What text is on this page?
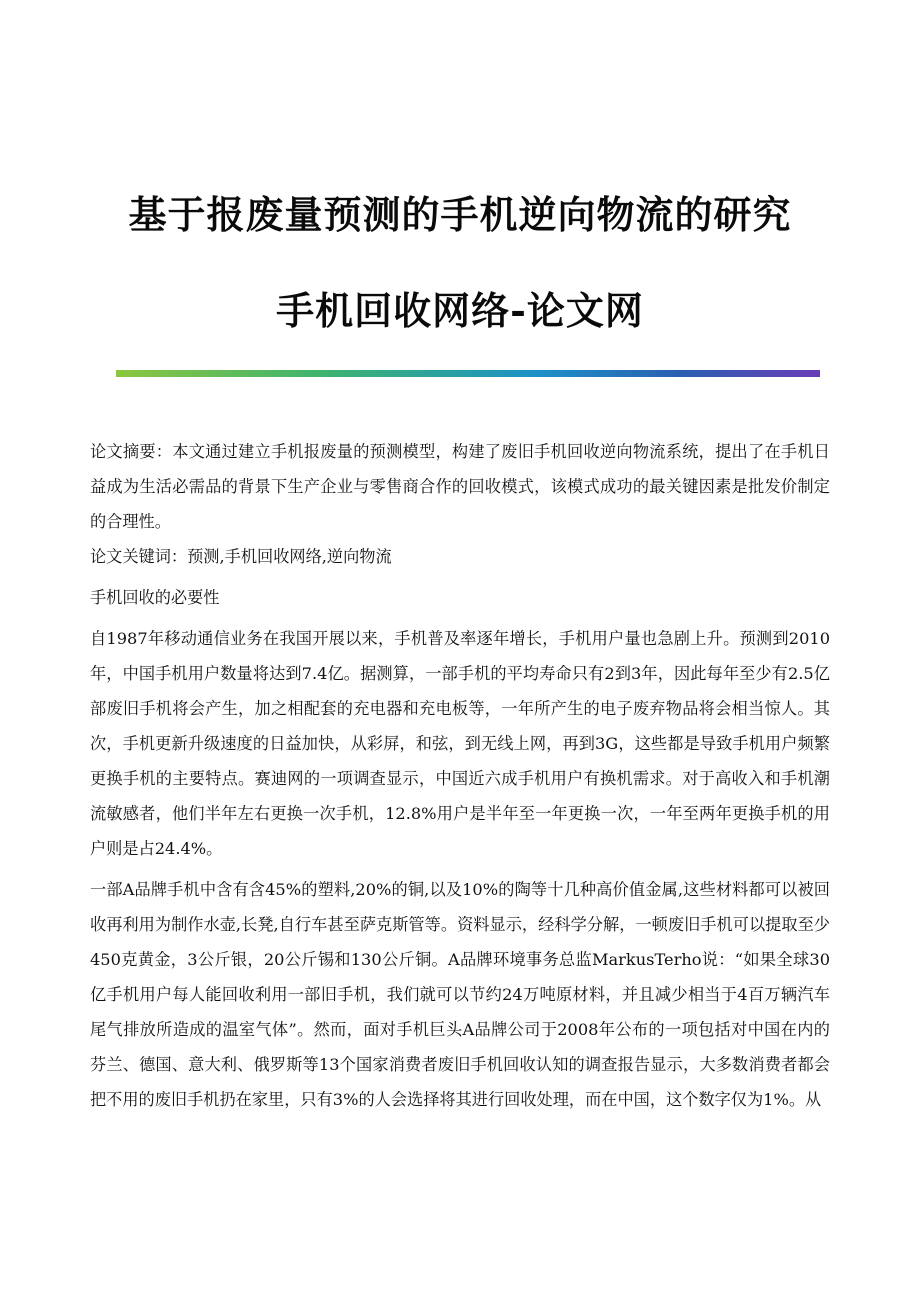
基于报废量预测的手机逆向物流的研究
手机回收网络-论文网

论文摘要：本文通过建立手机报废量的预测模型，构建了废旧手机回收逆向物流系统，提出了在手机日益成为生活必需品的背景下生产企业与零售商合作的回收模式，该模式成功的最关键因素是批发价制定的合理性。

论文关键词：预测,手机回收网络,逆向物流

手机回收的必要性

自1987年移动通信业务在我国开展以来，手机普及率逐年增长，手机用户量也急剧上升。预测到2010年，中国手机用户数量将达到7.4亿。据测算，一部手机的平均寿命只有2到3年，因此每年至少有2.5亿部废旧手机将会产生，加之相配套的充电器和充电板等，一年所产生的电子废弃物品将会相当惊人。其次，手机更新升级速度的日益加快，从彩屏，和弦，到无线上网，再到3G，这些都是导致手机用户频繁更换手机的主要特点。赛迪网的一项调查显示，中国近六成手机用户有换机需求。对于高收入和手机潮流敏感者，他们半年左右更换一次手机，12.8%用户是半年至一年更换一次，一年至两年更换手机的用户则是占24.4%。

一部A品牌手机中含有含45%的塑料,20%的铜,以及10%的陶等十几种高价值金属,这些材料都可以被回收再利用为制作水壶,长凳,自行车甚至萨克斯管等。资料显示，经科学分解，一顿废旧手机可以提取至少450克黄金，3公斤银，20公斤锡和130公斤铜。A品牌环境事务总监MarkusTerho说：“如果全球30亿手机用户每人能回收利用一部旧手机，我们就可以节约24万吨原材料，并且减少相当于4百万辆汽车尾气排放所造成的温室气体”。然而，面对手机巨头A品牌公司于2008年公布的一项包括对中国在内的芬兰、德国、意大利、俄罗斯等13个国家消费者废旧手机回收认知的调查报告显示，大多数消费者都会把不用的废旧手机扔在家里，只有3%的人会选择将其进行回收处理，而在中国，这个数字仅为1%。从
